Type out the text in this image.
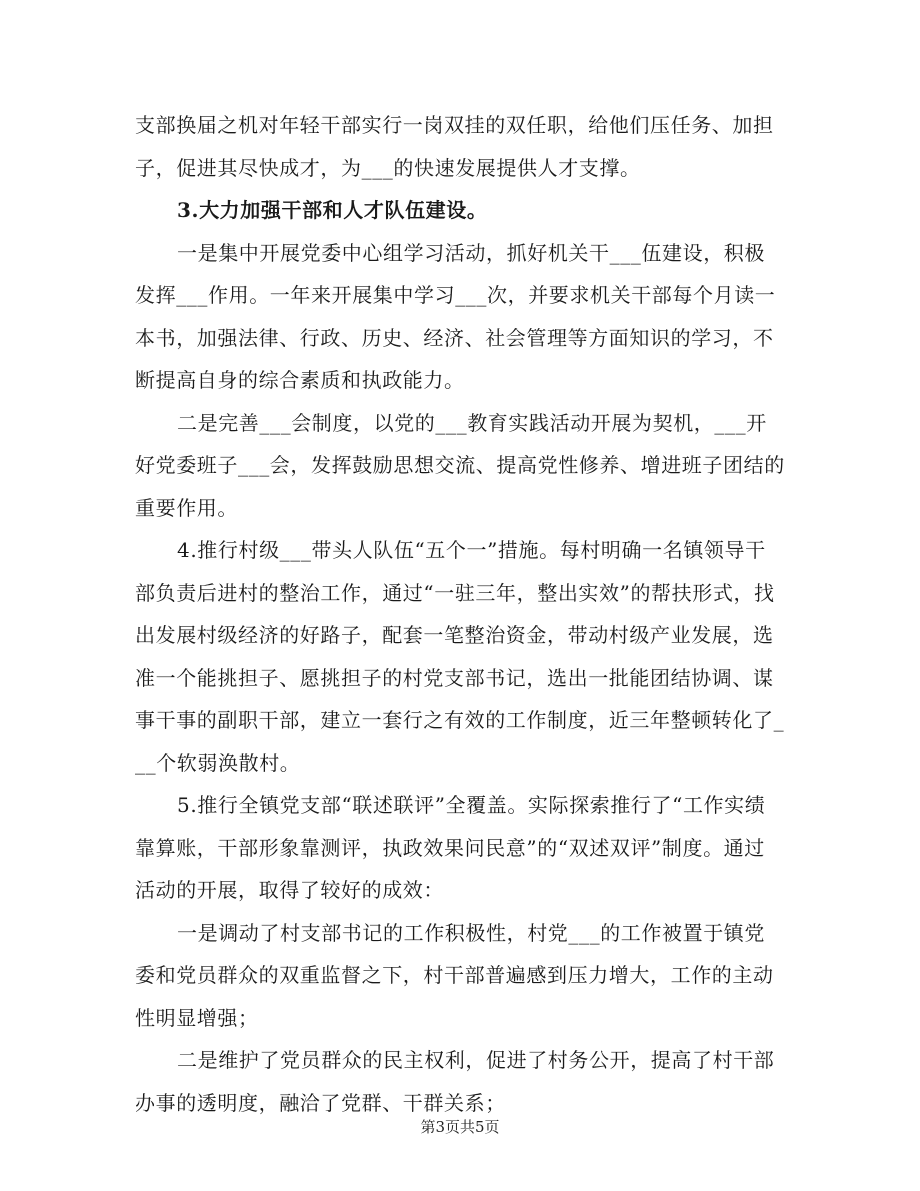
支部换届之机对年轻干部实行一岗双挂的双任职，给他们压任务、加担子，促进其尽快成才，为___的快速发展提供人才支撑。

3.大力加强干部和人才队伍建设。

一是集中开展党委中心组学习活动，抓好机关干___伍建设，积极发挥___作用。一年来开展集中学习___次，并要求机关干部每个月读一本书，加强法律、行政、历史、经济、社会管理等方面知识的学习，不断提高自身的综合素质和执政能力。

二是完善___会制度，以党的___教育实践活动开展为契机，___开好党委班子___会，发挥鼓励思想交流、提高党性修养、增进班子团结的重要作用。

4.推行村级___带头人队伍“五个一”措施。每村明确一名镇领导干部负责后进村的整治工作，通过“一驻三年，整出实效”的帮扶形式，找出发展村级经济的好路子，配套一笔整治资金，带动村级产业发展，选准一个能挑担子、愿挑担子的村党支部书记，选出一批能团结协调、谋事干事的副职干部，建立一套行之有效的工作制度，近三年整顿转化了___个软弱涣散村。

5.推行全镇党支部“联述联评”全覆盖。实际探索推行了“工作实绩靠算账，干部形象靠测评，执政效果问民意”的“双述双评”制度。通过活动的开展，取得了较好的成效：

一是调动了村支部书记的工作积极性，村党___的工作被置于镇党委和党员群众的双重监督之下，村干部普遍感到压力增大，工作的主动性明显增强；

二是维护了党员群众的民主权利，促进了村务公开，提高了村干部办事的透明度，融洽了党群、干群关系；

第3页共5页
